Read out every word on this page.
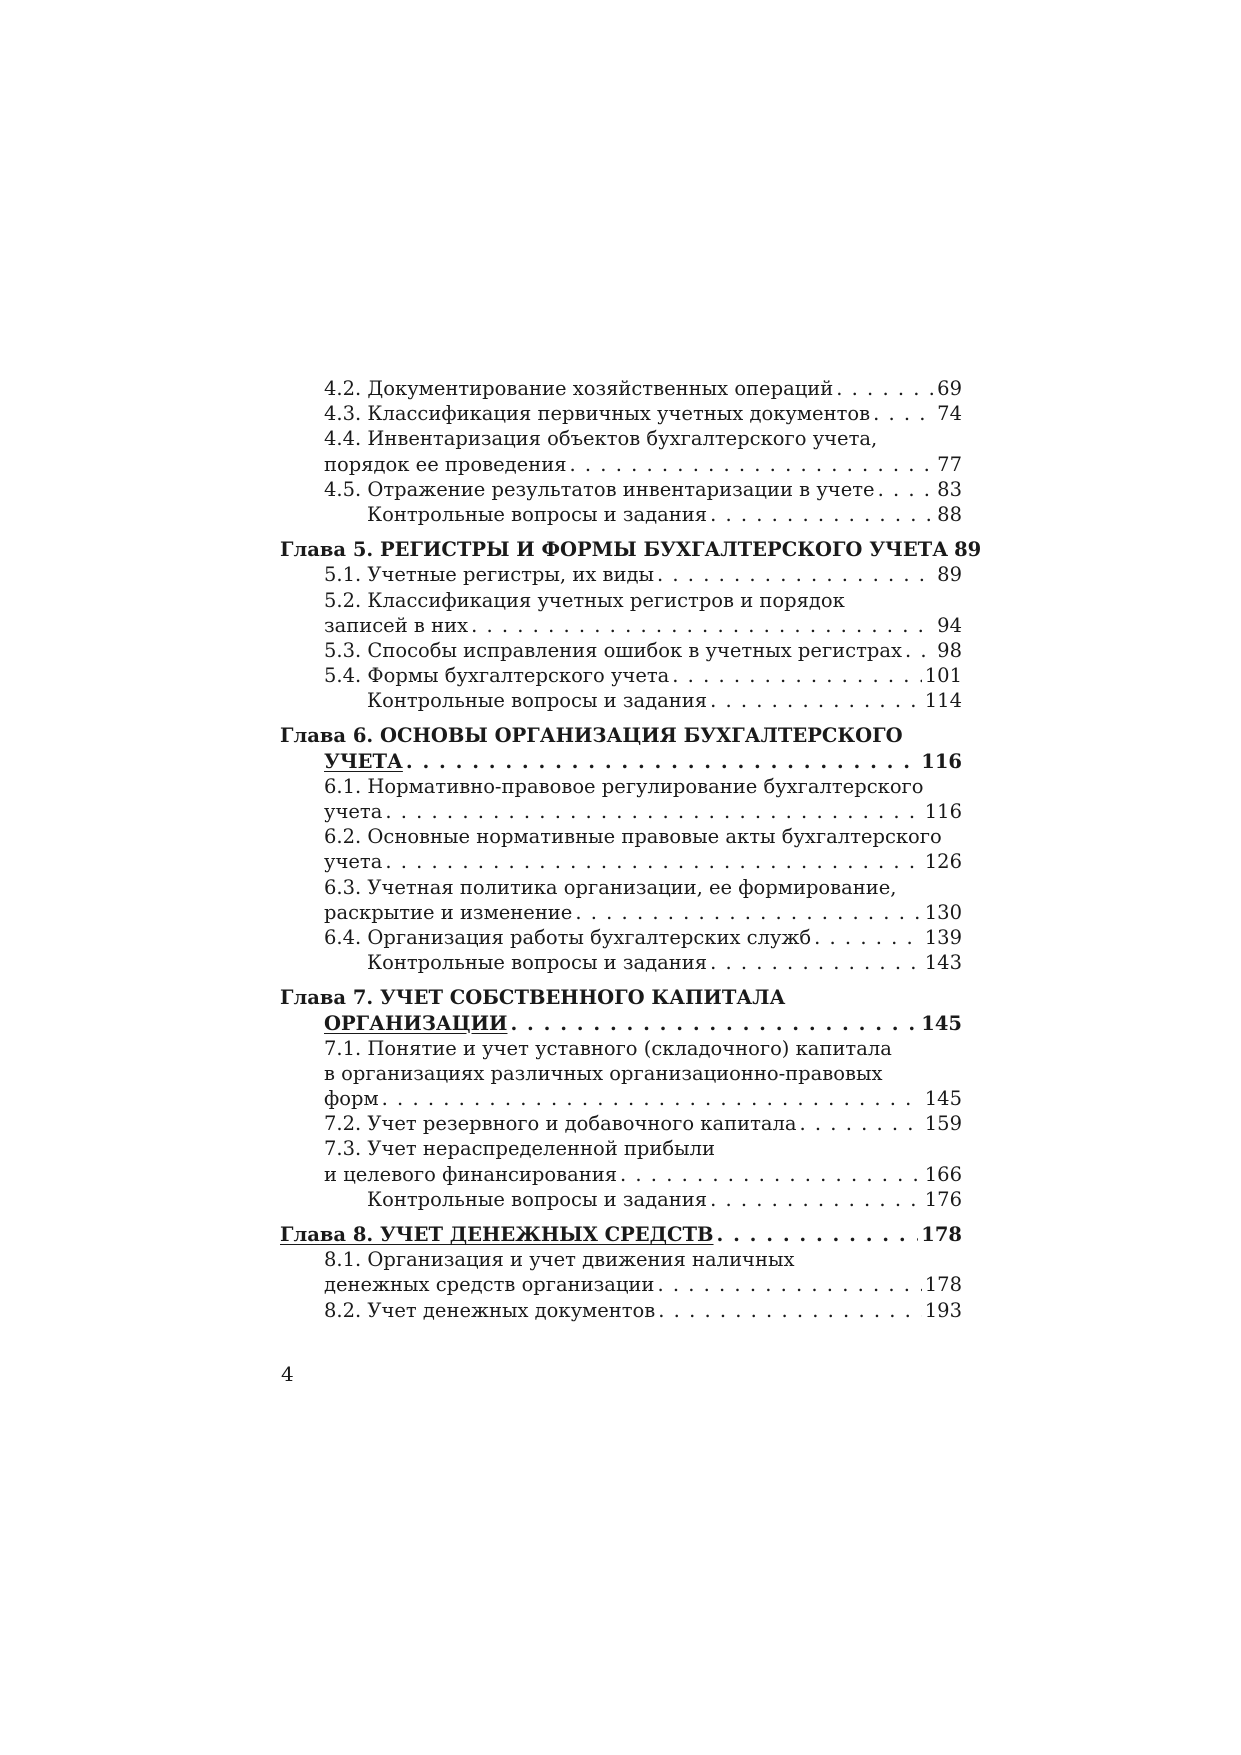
4.2. Документирование хозяйственных операций . . .	69
4.3. Классификация первичных учетных документов . . .	74
4.4. Инвентаризация объектов бухгалтерского учета,
порядок ее проведения . . .	77
4.5. Отражение результатов инвентаризации в учете . . .	83
Контрольные вопросы и задания . . .	88
Глава 5. РЕГИСТРЫ И ФОРМЫ БУХГАЛТЕРСКОГО УЧЕТА 89
5.1. Учетные регистры, их виды . . .	89
5.2. Классификация учетных регистров и порядок
записей в них . . .	94
5.3. Способы исправления ошибок в учетных регистрах . . . 98
5.4. Формы бухгалтерского учета . . .	101
Контрольные вопросы и задания . . .	114
Глава 6. ОСНОВЫ ОРГАНИЗАЦИЯ БУХГАЛТЕРСКОГО
УЧЕТА . . .	116
6.1. Нормативно-правовое регулирование бухгалтерского
учета . . .	116
6.2. Основные нормативные правовые акты бухгалтерского
учета . . .	126
6.3. Учетная политика организации, ее формирование,
раскрытие и изменение . . .	130
6.4. Организация работы бухгалтерских служб . . .	139
Контрольные вопросы и задания . . .	143
Глава 7. УЧЕТ СОБСТВЕННОГО КАПИТАЛА
ОРГАНИЗАЦИИ . . .	145
7.1. Понятие и учет уставного (складочного) капитала
в организациях различных организационно-правовых
форм . . .	145
7.2. Учет резервного и добавочного капитала . . .	159
7.3. Учет нераспределенной прибыли
и целевого финансирования . . .	166
Контрольные вопросы и задания . . .	176
Глава 8. УЧЕТ ДЕНЕЖНЫХ СРЕДСТВ . . .	178
8.1. Организация и учет движения наличных
денежных средств организации . . .	178
8.2. Учет денежных документов . . .	193
4
